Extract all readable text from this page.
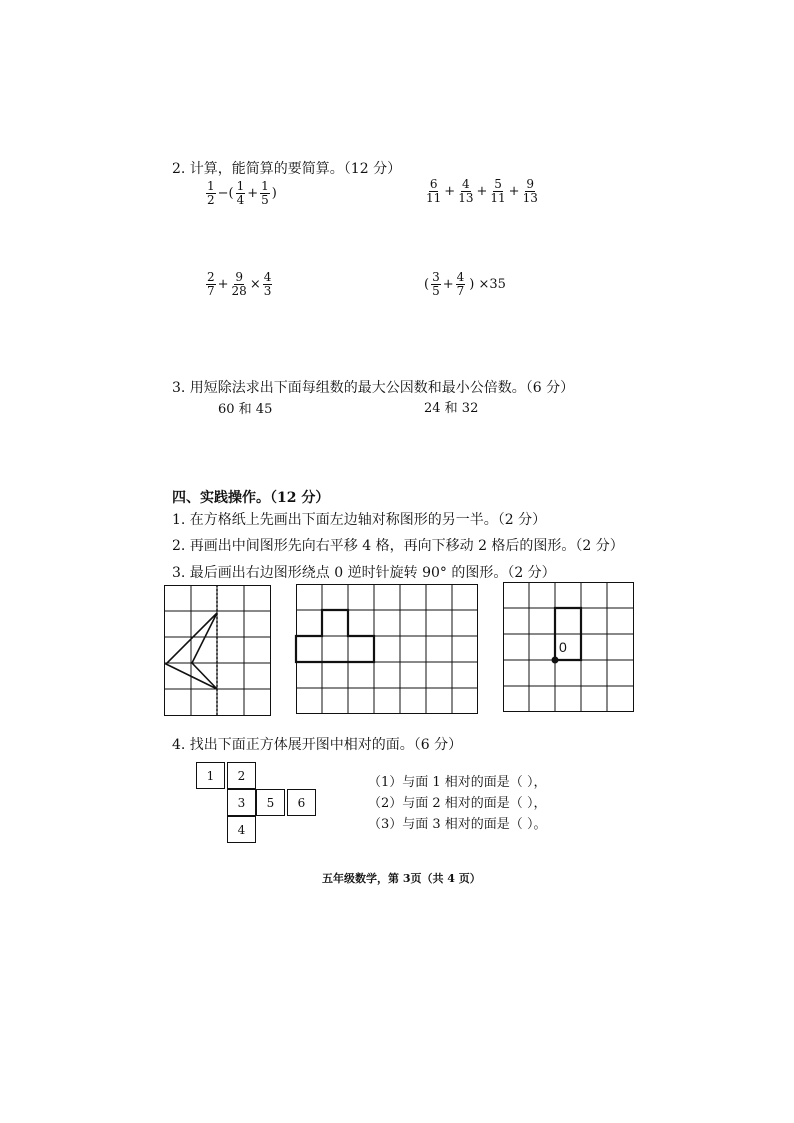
2. 计算，能简算的要简算。（12 分）
$\frac{1}{2}$ −( $\frac{1}{4} + \frac{1}{5}$ )	$\frac{6}{11} + \frac{4}{13} + \frac{5}{11} + \frac{9}{13}$
$\frac{2}{7} + \frac{9}{28} \times \frac{4}{3}$	( $\frac{3}{5} + \frac{4}{7}$ ) ×35
3. 用短除法求出下面每组数的最大公因数和最小公倍数。（6 分）
60 和 45	24 和 32
四、实践操作。（12 分）
1. 在方格纸上先画出下面左边轴对称图形的另一半。（2 分）
2. 再画出中间图形先向右平移 4 格，再向下移动 2 格后的图形。（2 分）
3. 最后画出右边图形绕点 0 逆时针旋转 90° 的图形。（2 分）
0
4. 找出下面正方体展开图中相对的面。（6 分）
1	2
3	5	6
4
（1）与面 1 相对的面是（ ），
（2）与面 2 相对的面是（ ），
（3）与面 3 相对的面是（ ）。
五年级数学，第 3页（共 4 页）
